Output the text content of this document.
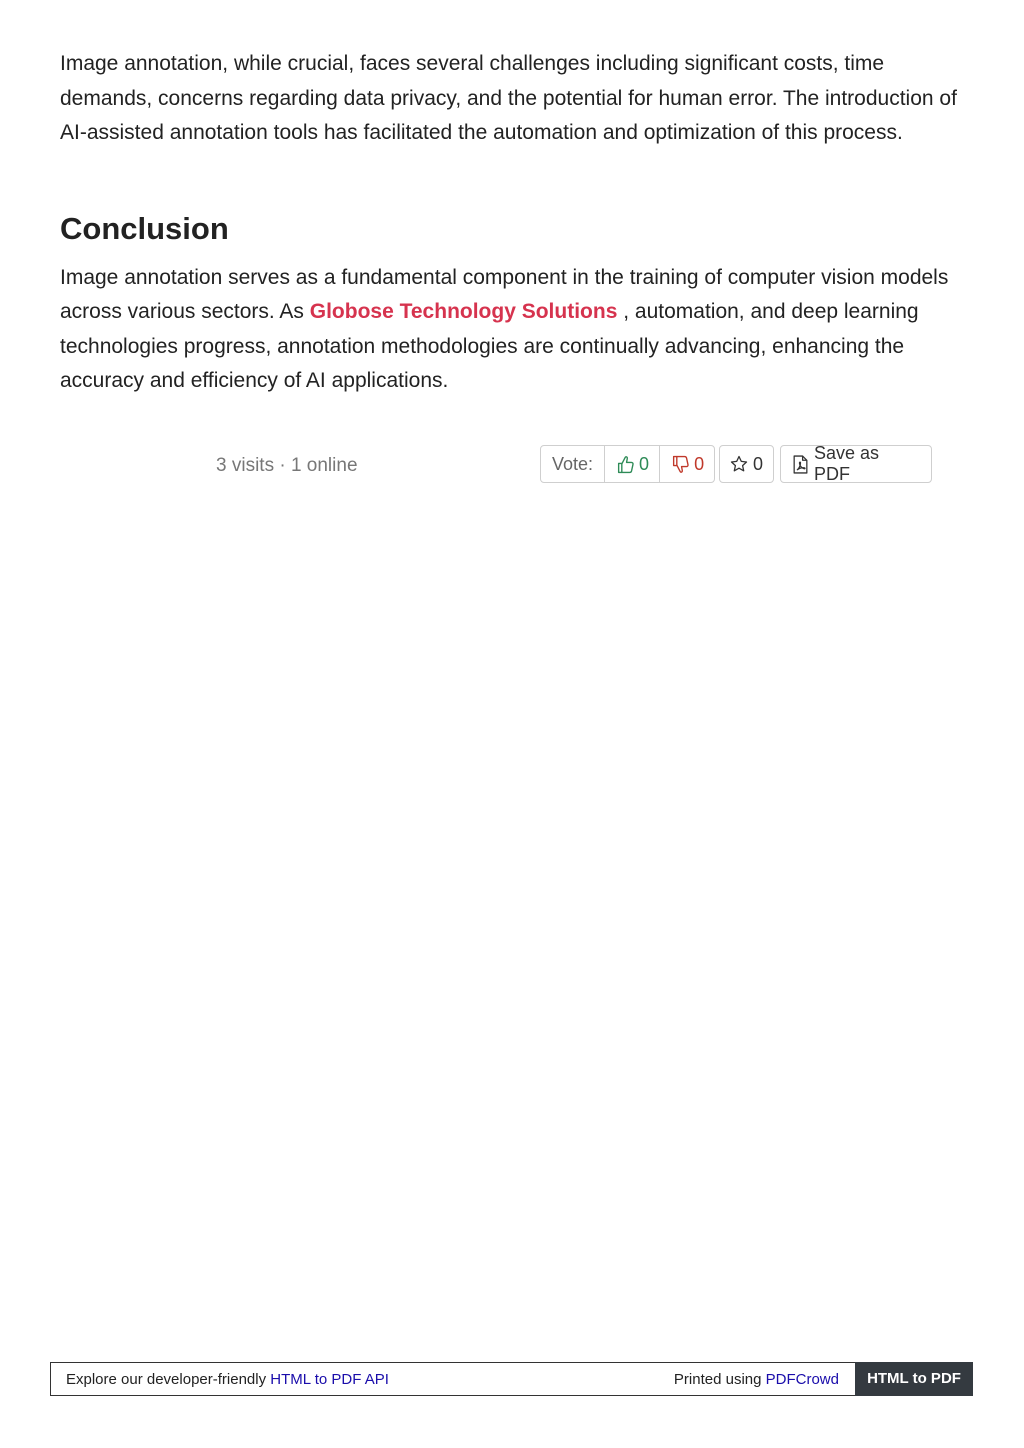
Image annotation, while crucial, faces several challenges including significant costs, time demands, concerns regarding data privacy, and the potential for human error. The introduction of AI-assisted annotation tools has facilitated the automation and optimization of this process.

Conclusion

Image annotation serves as a fundamental component in the training of computer vision models across various sectors. As Globose Technology Solutions , automation, and deep learning technologies progress, annotation methodologies are continually advancing, enhancing the accuracy and efficiency of AI applications.

3 visits · 1 online	Vote:	0	0	0
Save as PDF
Explore our developer-friendly HTML to PDF API	Printed using PDFCrowd	HTML to PDF
